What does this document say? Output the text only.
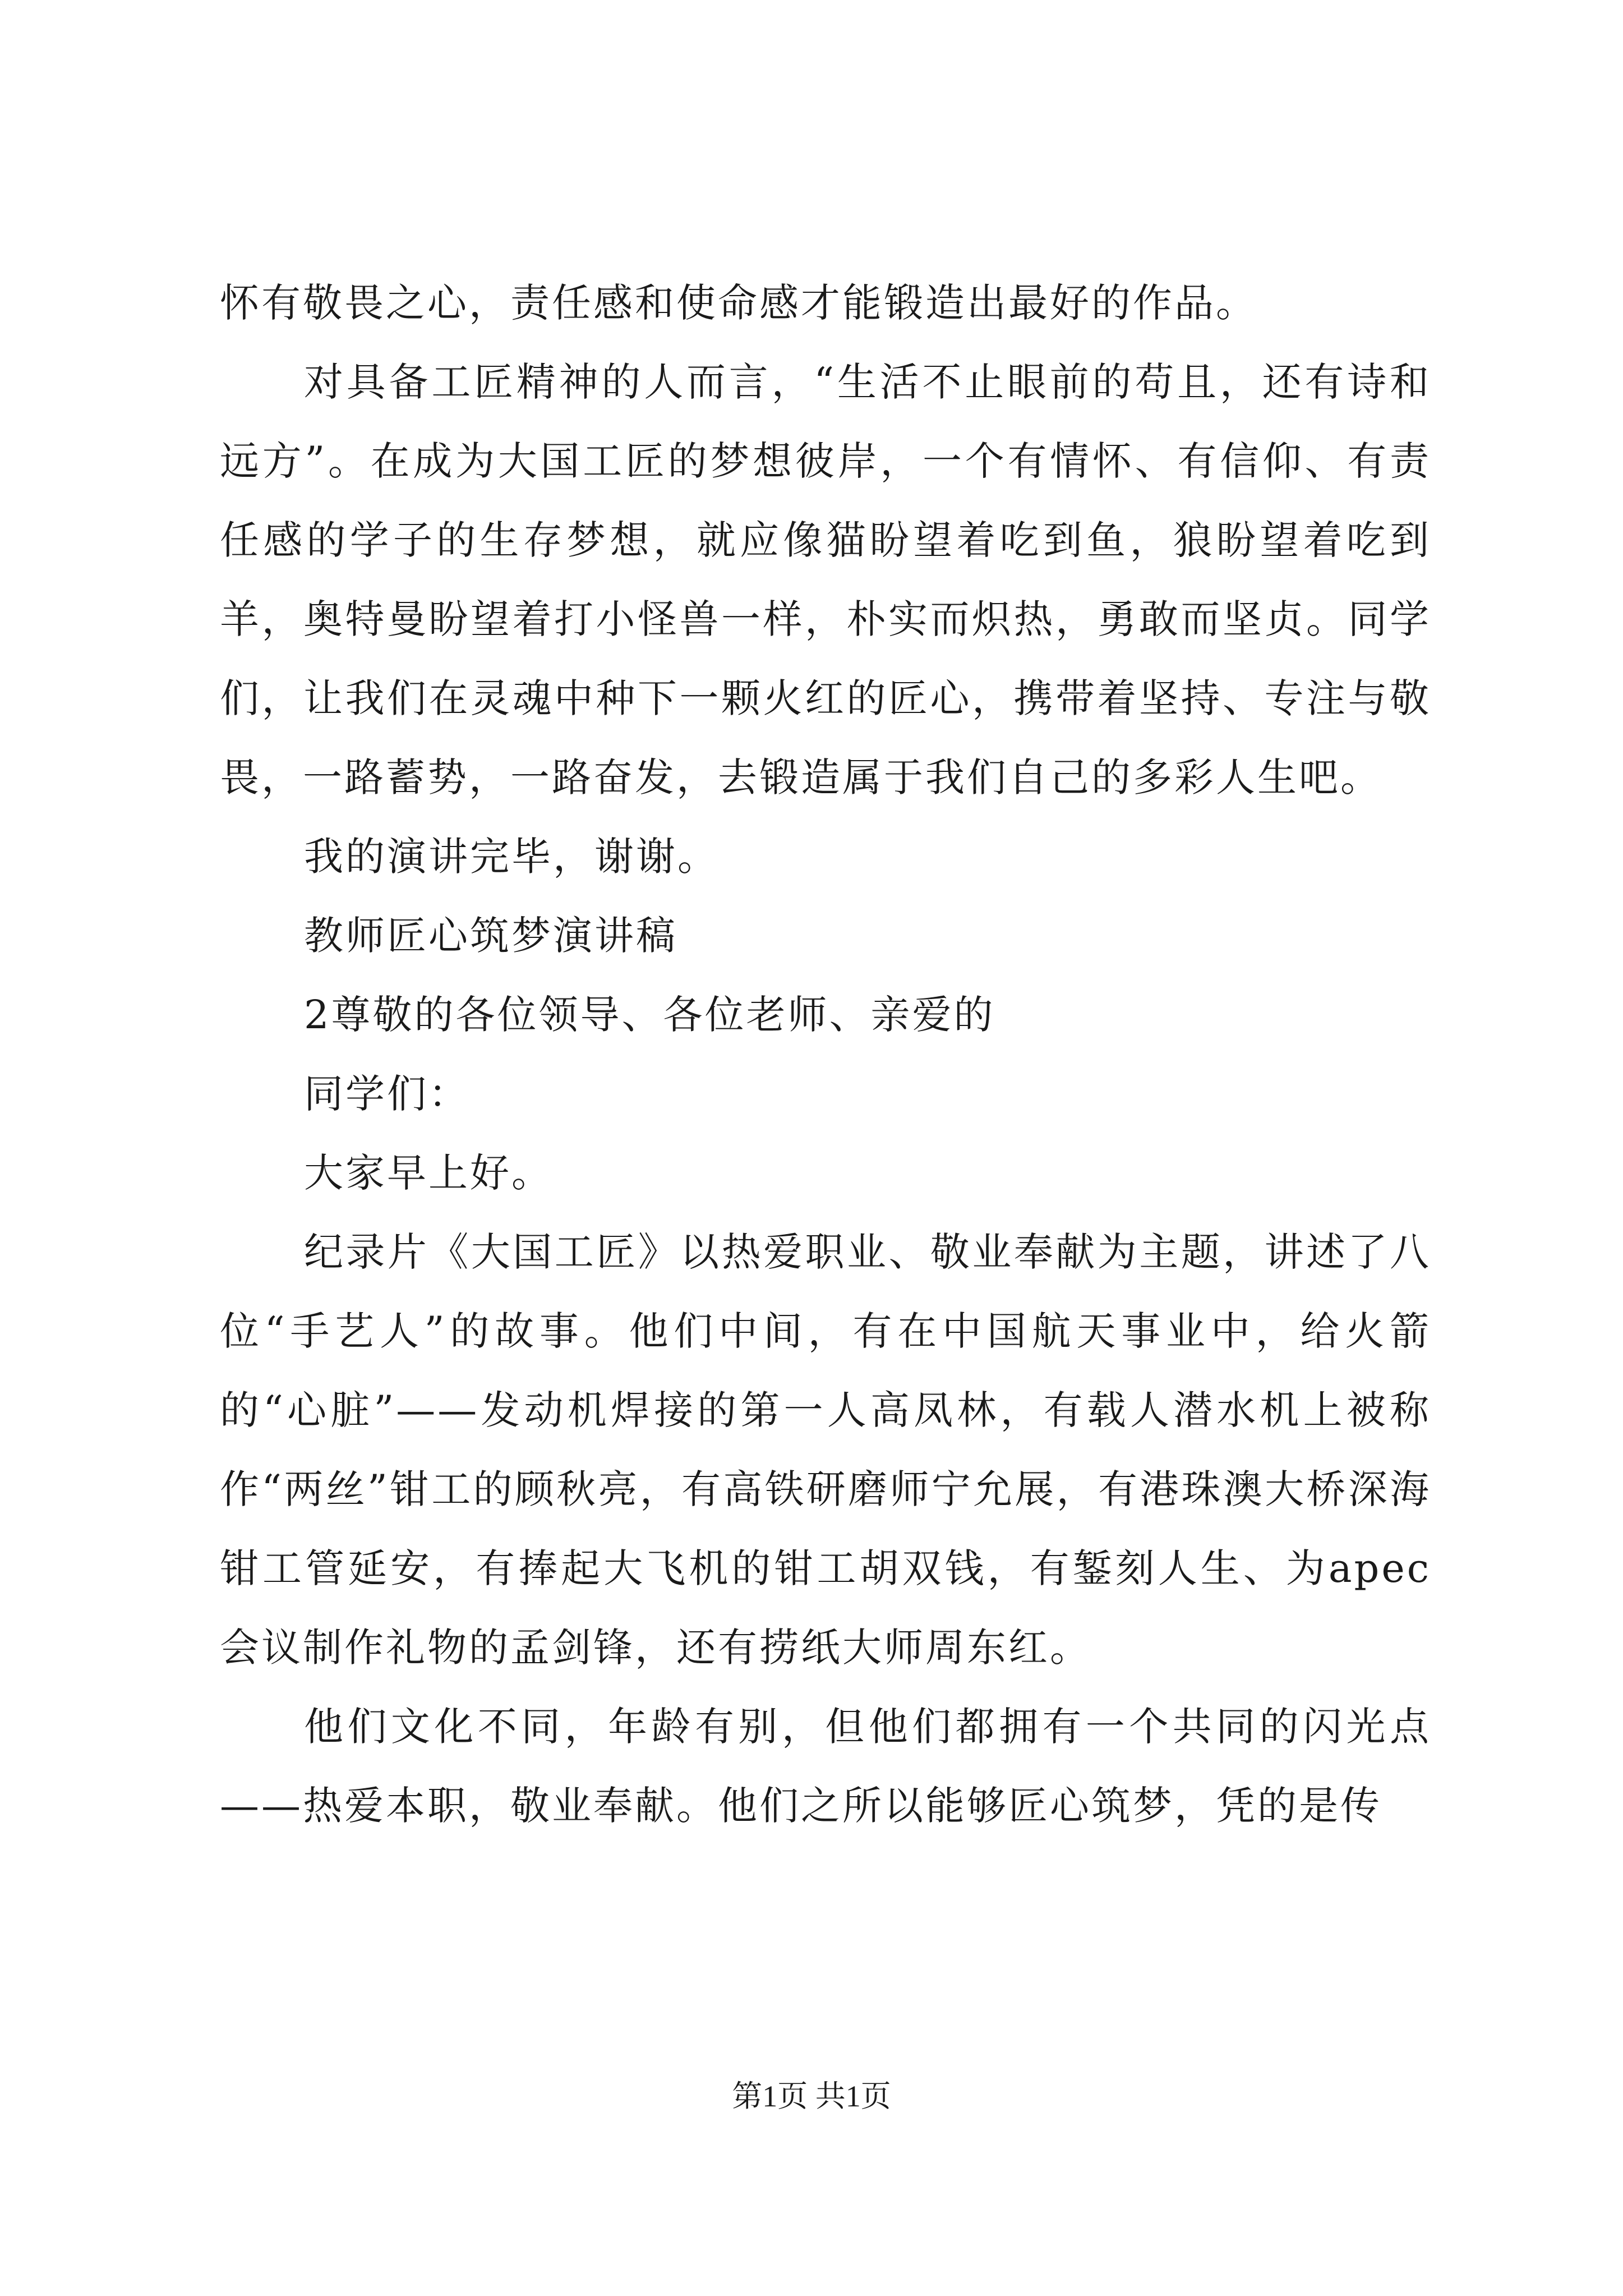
怀有敬畏之心，责任感和使命感才能锻造出最好的作品。

对具备工匠精神的人而言，“生活不止眼前的苟且，还有诗和远方”。在成为大国工匠的梦想彼岸，一个有情怀、有信仰、有责任感的学子的生存梦想，就应像猫盼望着吃到鱼，狼盼望着吃到羊，奥特曼盼望着打小怪兽一样，朴实而炽热，勇敢而坚贞。同学们，让我们在灵魂中种下一颗火红的匠心，携带着坚持、专注与敬畏，一路蓄势，一路奋发，去锻造属于我们自己的多彩人生吧。

我的演讲完毕，谢谢。

教师匠心筑梦演讲稿

2尊敬的各位领导、各位老师、亲爱的

同学们：

大家早上好。

纪录片《大国工匠》以热爱职业、敬业奉献为主题，讲述了八位“手艺人”的故事。他们中间，有在中国航天事业中，给火箭的“心脏”——发动机焊接的第一人高凤林，有载人潜水机上被称作“两丝”钳工的顾秋亮，有高铁研磨师宁允展，有港珠澳大桥深海钳工管延安，有捧起大飞机的钳工胡双钱，有錾刻人生、为apec会议制作礼物的孟剑锋，还有捞纸大师周东红。

他们文化不同，年龄有别，但他们都拥有一个共同的闪光点——热爱本职，敬业奉献。他们之所以能够匠心筑梦，凭的是传

第1页 共1页
